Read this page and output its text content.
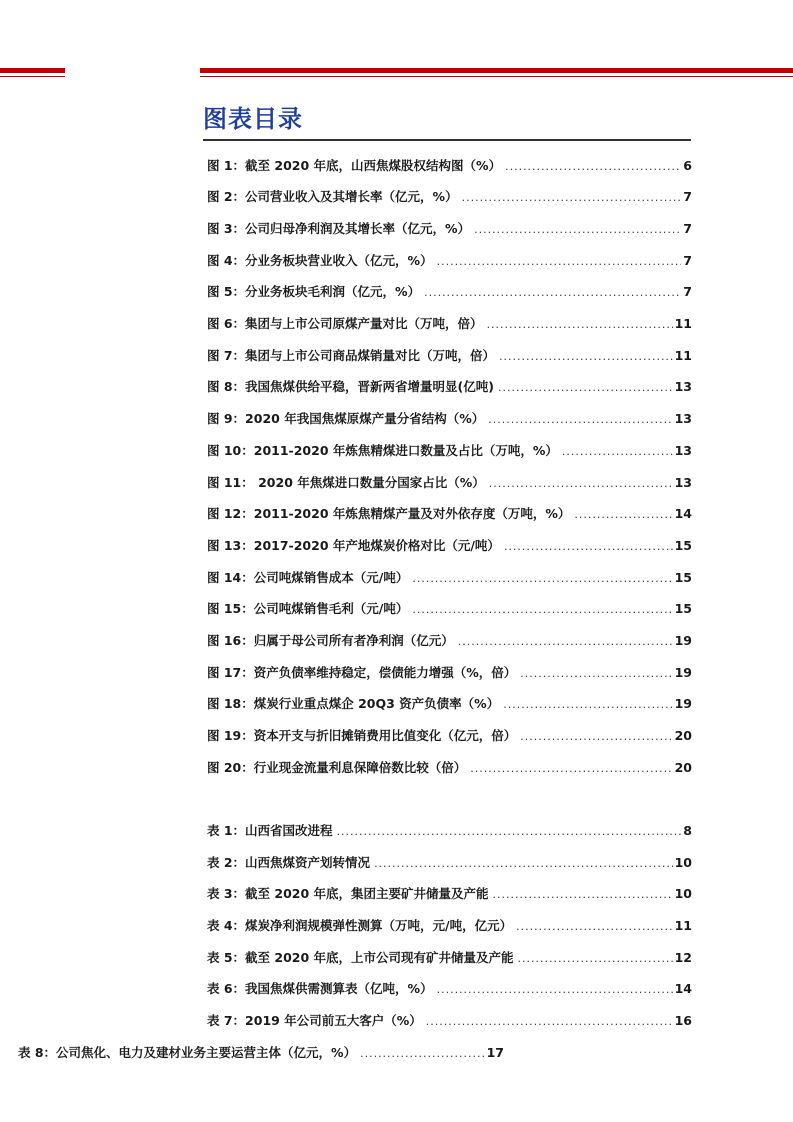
图表目录
图 1：截至 2020 年底，山西焦煤股权结构图（%） .....	6
图 2：公司营业收入及其增长率（亿元，%） .....	7
图 3：公司归母净利润及其增长率（亿元，%） .....	7
图 4：分业务板块营业收入（亿元，%） .....	7
图 5：分业务板块毛利润（亿元，%） .....	7
图 6：集团与上市公司原煤产量对比（万吨，倍） .....	11
图 7：集团与上市公司商品煤销量对比（万吨，倍） .....	11
图 8：我国焦煤供给平稳，晋新两省增量明显(亿吨) .....	13
图 9：2020 年我国焦煤原煤产量分省结构（%） .....	13
图 10：2011-2020 年炼焦精煤进口数量及占比（万吨，%） .....	13
图 11： 2020 年焦煤进口数量分国家占比（%） .....	13
图 12：2011-2020 年炼焦精煤产量及对外依存度（万吨，%） .....	14
图 13：2017-2020 年产地煤炭价格对比（元/吨） .....	15
图 14：公司吨煤销售成本（元/吨） .....	15
图 15：公司吨煤销售毛利（元/吨） .....	15
图 16：归属于母公司所有者净利润（亿元） .....	19
图 17：资产负债率维持稳定，偿债能力增强（%，倍） .....	19
图 18：煤炭行业重点煤企 20Q3 资产负债率（%） .....	19
图 19：资本开支与折旧摊销费用比值变化（亿元，倍） .....	20
图 20：行业现金流量利息保障倍数比较（倍） .....	20
表 1：山西省国改进程 .....	8
表 2：山西焦煤资产划转情况 .....	10
表 3：截至 2020 年底，集团主要矿井储量及产能 .....	10
表 4：煤炭净利润规模弹性测算（万吨，元/吨，亿元） .....	11
表 5：截至 2020 年底，上市公司现有矿井储量及产能 .....	12
表 6：我国焦煤供需测算表（亿吨，%） .....	14
表 7：2019 年公司前五大客户（%） .....	16
表 8：公司焦化、电力及建材业务主要运营主体（亿元，%） .....	17
